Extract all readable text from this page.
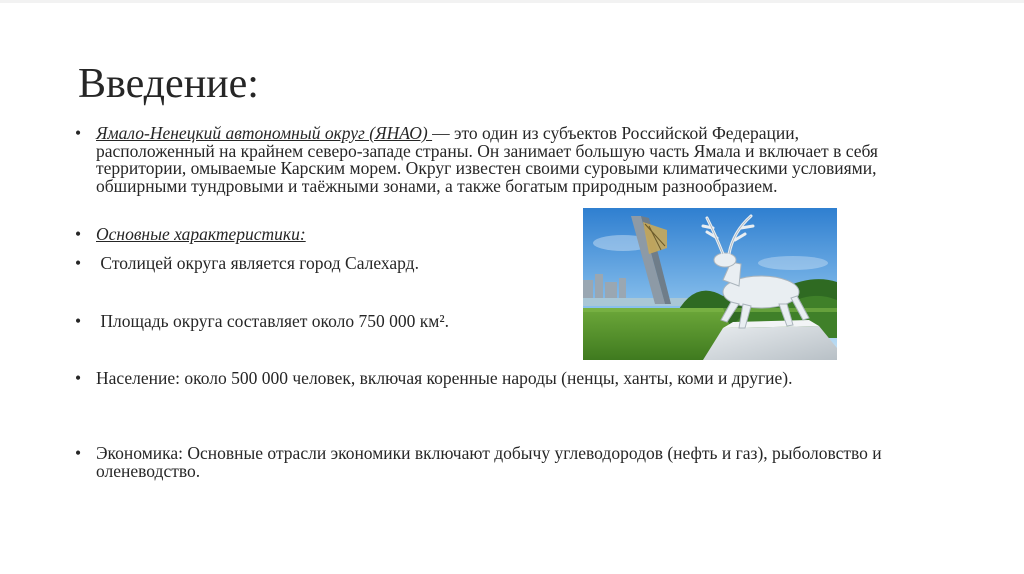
Введение:
• Ямало-Ненецкий автономный округ (ЯНАО) — это один из субъектов Российской Федерации, расположенный на крайнем северо-западе страны. Он занимает большую часть Ямала и включает в себя территории, омываемые Карским морем. Округ известен своими суровыми климатическими условиями, обширными тундровыми и таёжными зонами, а также богатым природным разнообразием.
• Основные характеристики:
• Столицей округа является город Салехард.
• Площадь округа составляет около 750 000 км².
• Население: около 500 000 человек, включая коренные народы (ненцы, ханты, коми и другие).
• Экономика: Основные отрасли экономики включают добычу углеводородов (нефть и газ), рыболовство и оленеводство.
